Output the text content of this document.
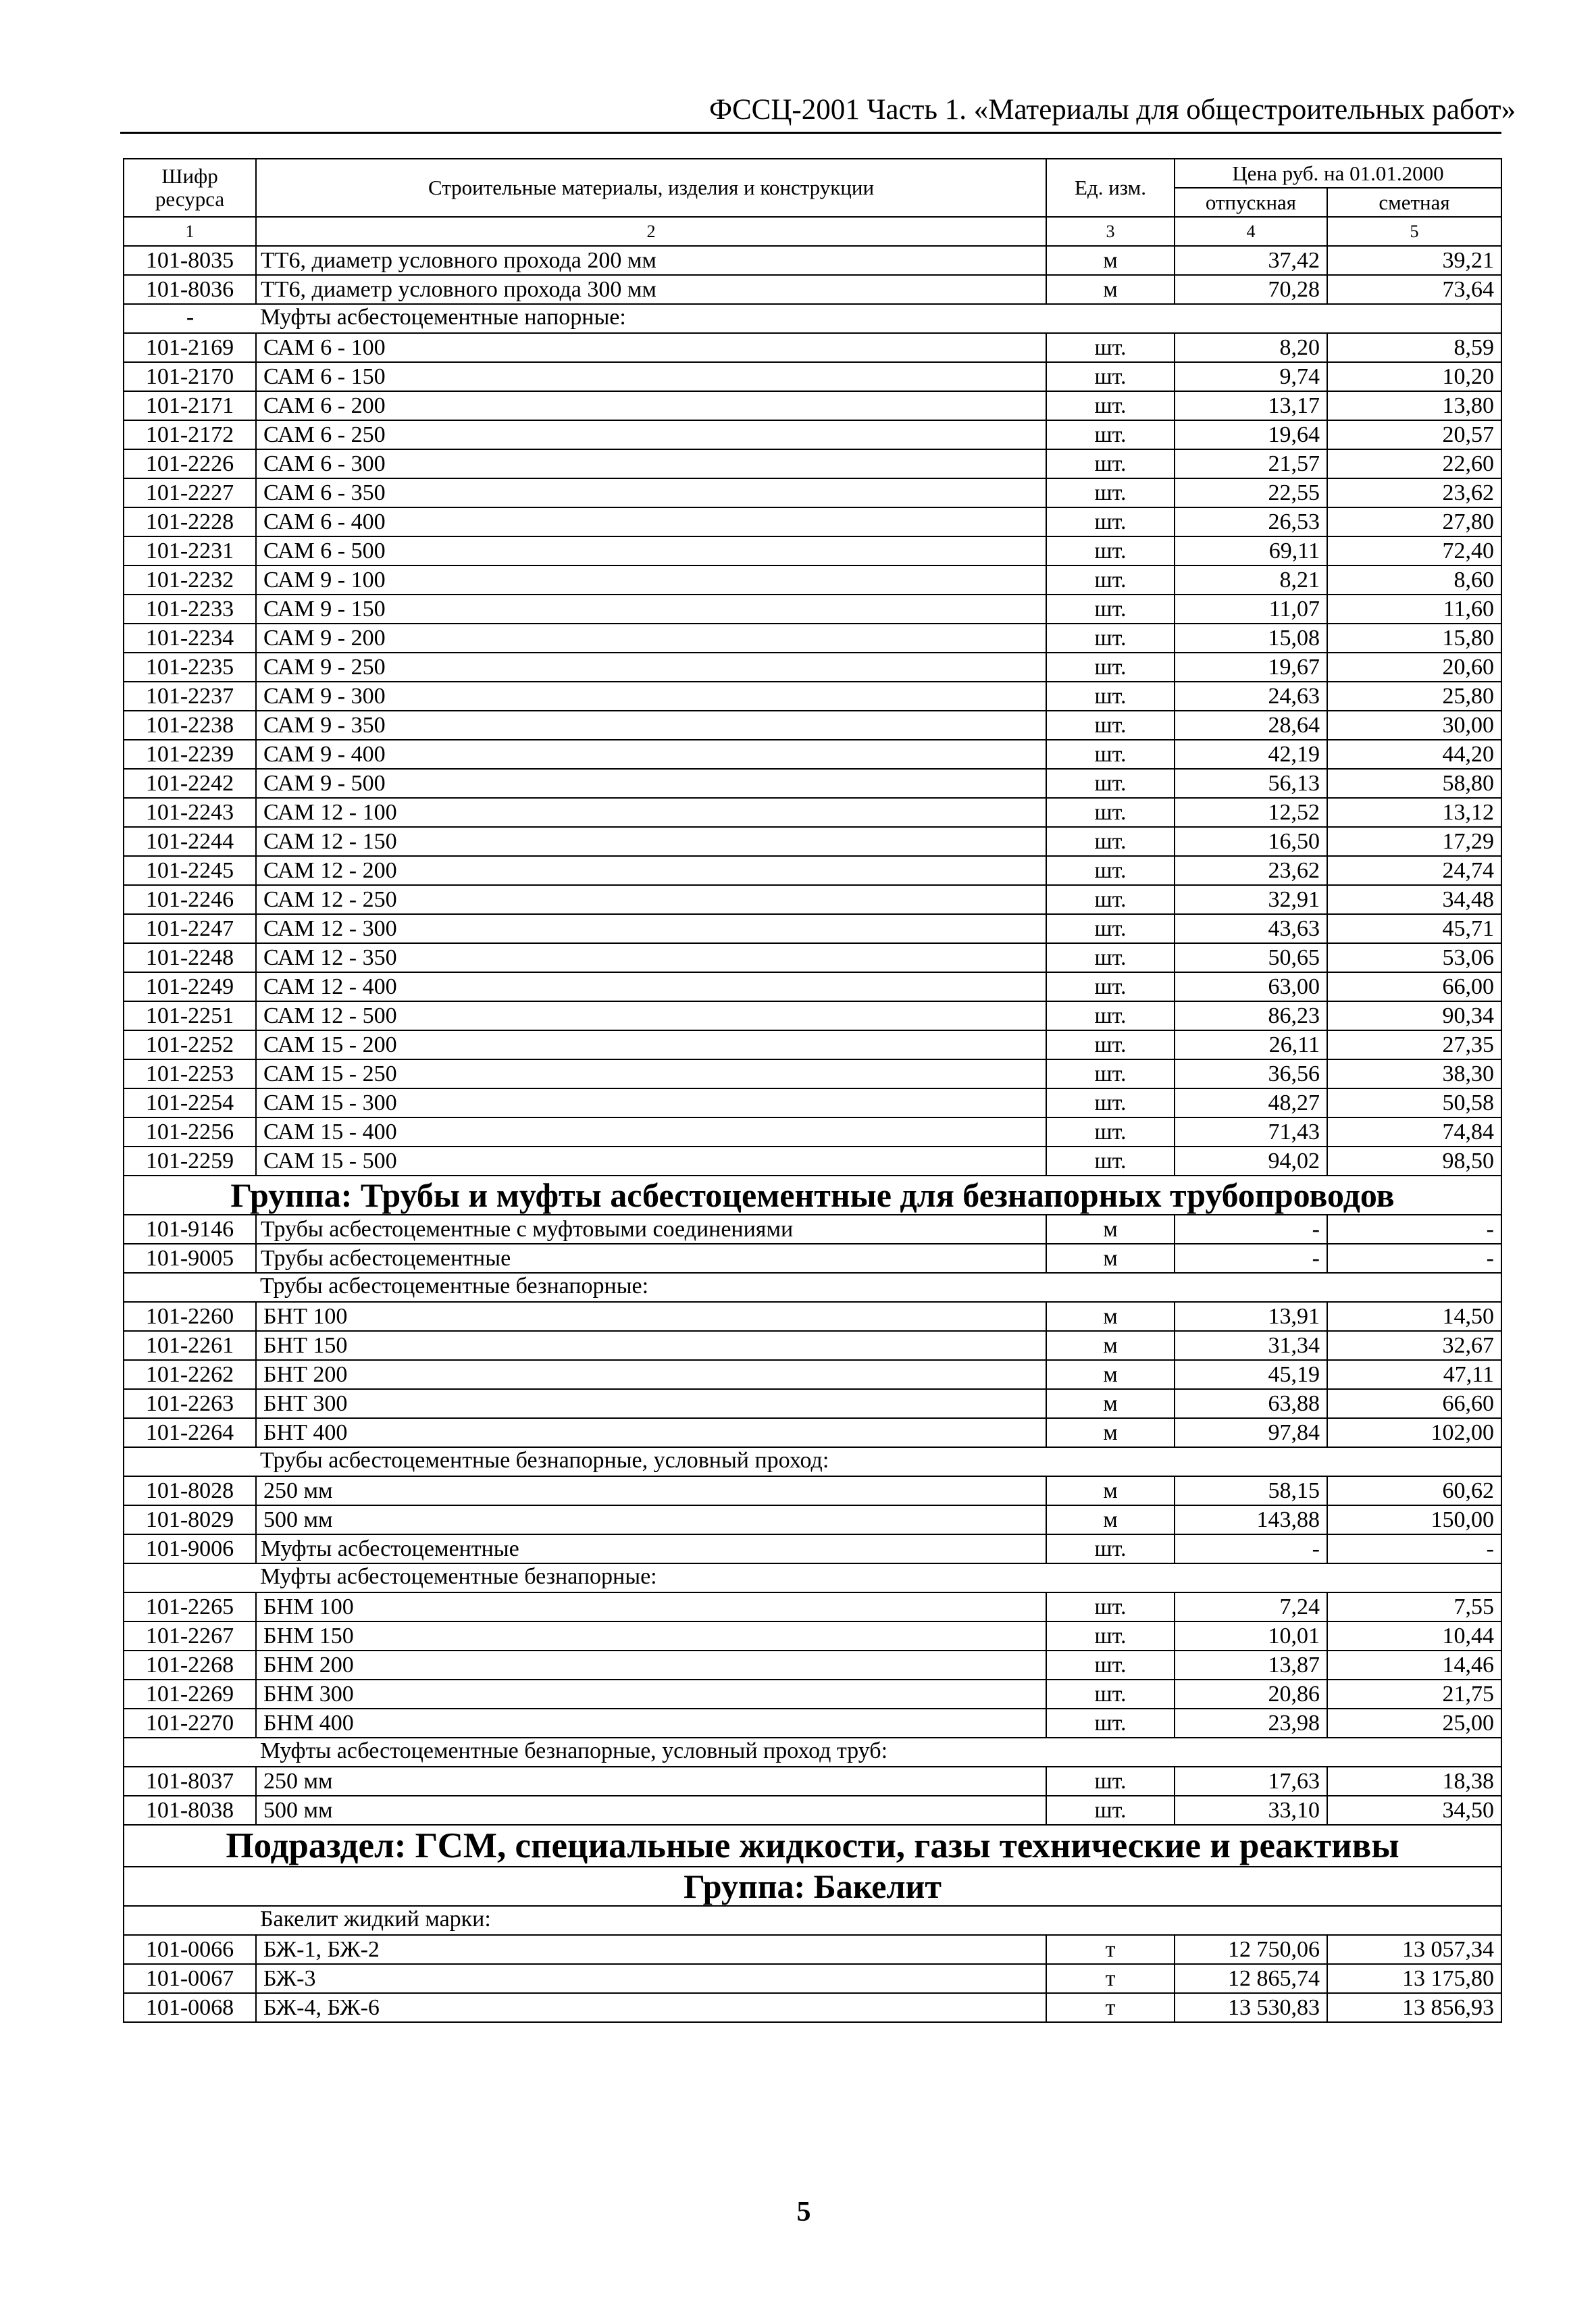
ФССЦ-2001 Часть 1. «Материалы для общестроительных работ»
Шифр ресурса	Строительные материалы, изделия и конструкции	Ед. изм.	Цена руб. на 01.01.2000	
			отпускная	сметная
1	2	3	4	5
101-8035	ТТ6, диаметр условного прохода 200 мм	м	37,42	39,21
101-8036	ТТ6, диаметр условного прохода 300 мм	м	70,28	73,64
-	Муфты асбестоцементные напорные:			
101-2169	САМ 6 - 100	шт.	8,20	8,59
101-2170	САМ 6 - 150	шт.	9,74	10,20
101-2171	САМ 6 - 200	шт.	13,17	13,80
101-2172	САМ 6 - 250	шт.	19,64	20,57
101-2226	САМ 6 - 300	шт.	21,57	22,60
101-2227	САМ 6 - 350	шт.	22,55	23,62
101-2228	САМ 6 - 400	шт.	26,53	27,80
101-2231	САМ 6 - 500	шт.	69,11	72,40
101-2232	САМ 9 - 100	шт.	8,21	8,60
101-2233	САМ 9 - 150	шт.	11,07	11,60
101-2234	САМ 9 - 200	шт.	15,08	15,80
101-2235	САМ 9 - 250	шт.	19,67	20,60
101-2237	САМ 9 - 300	шт.	24,63	25,80
101-2238	САМ 9 - 350	шт.	28,64	30,00
101-2239	САМ 9 - 400	шт.	42,19	44,20
101-2242	САМ 9 - 500	шт.	56,13	58,80
101-2243	САМ 12 - 100	шт.	12,52	13,12
101-2244	САМ 12 - 150	шт.	16,50	17,29
101-2245	САМ 12 - 200	шт.	23,62	24,74
101-2246	САМ 12 - 250	шт.	32,91	34,48
101-2247	САМ 12 - 300	шт.	43,63	45,71
101-2248	САМ 12 - 350	шт.	50,65	53,06
101-2249	САМ 12 - 400	шт.	63,00	66,00
101-2251	САМ 12 - 500	шт.	86,23	90,34
101-2252	САМ 15 - 200	шт.	26,11	27,35
101-2253	САМ 15 - 250	шт.	36,56	38,30
101-2254	САМ 15 - 300	шт.	48,27	50,58
101-2256	САМ 15 - 400	шт.	71,43	74,84
101-2259	САМ 15 - 500	шт.	94,02	98,50
Группа: Трубы и муфты асбестоцементные для безнапорных трубопроводов				
101-9146	Трубы асбестоцементные с муфтовыми соединениями	м	-	-
101-9005	Трубы асбестоцементные	м	-	-
	Трубы асбестоцементные безнапорные:			
101-2260	БНТ 100	м	13,91	14,50
101-2261	БНТ 150	м	31,34	32,67
101-2262	БНТ 200	м	45,19	47,11
101-2263	БНТ 300	м	63,88	66,60
101-2264	БНТ 400	м	97,84	102,00
	Трубы асбестоцементные безнапорные, условный проход:			
101-8028	250 мм	м	58,15	60,62
101-8029	500 мм	м	143,88	150,00
101-9006	Муфты асбестоцементные	шт.	-	-
	Муфты асбестоцементные безнапорные:			
101-2265	БНМ 100	шт.	7,24	7,55
101-2267	БНМ 150	шт.	10,01	10,44
101-2268	БНМ 200	шт.	13,87	14,46
101-2269	БНМ 300	шт.	20,86	21,75
101-2270	БНМ 400	шт.	23,98	25,00
	Муфты асбестоцементные безнапорные, условный проход труб:			
101-8037	250 мм	шт.	17,63	18,38
101-8038	500 мм	шт.	33,10	34,50
Подраздел: ГСМ, специальные жидкости, газы технические и реактивы				
Группа: Бакелит				
	Бакелит жидкий марки:			
101-0066	БЖ-1, БЖ-2	т	12 750,06	13 057,34
101-0067	БЖ-3	т	12 865,74	13 175,80
101-0068	БЖ-4, БЖ-6	т	13 530,83	13 856,93
5
